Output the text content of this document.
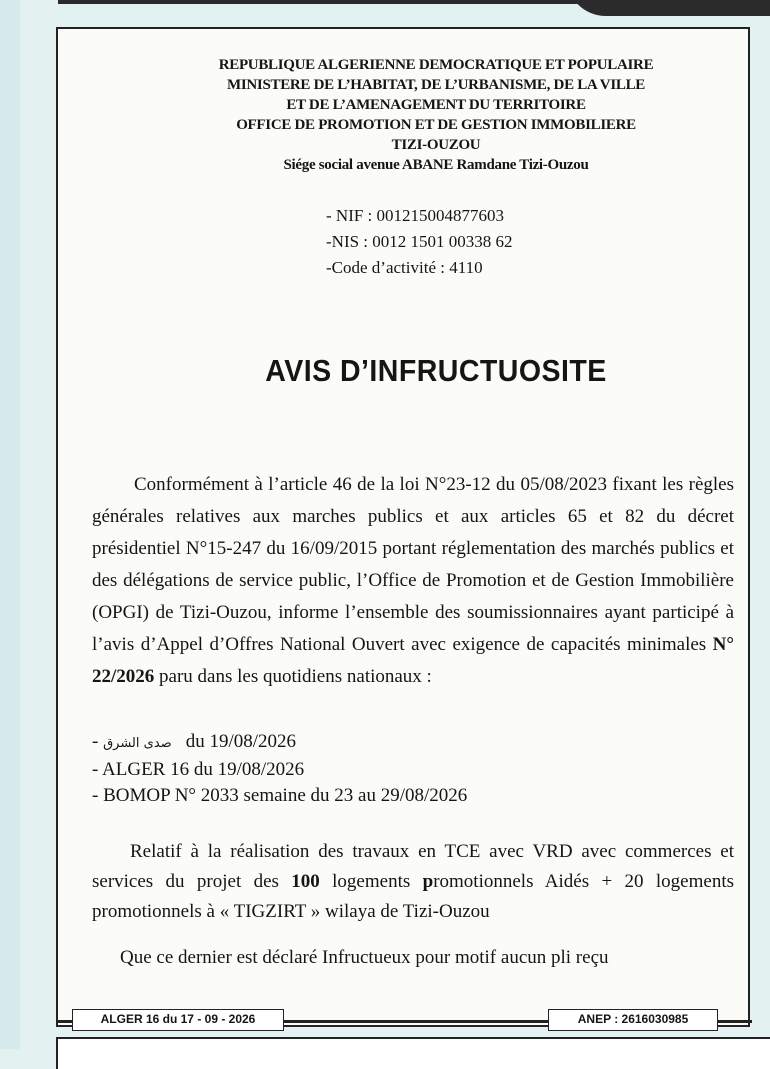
REPUBLIQUE ALGERIENNE DEMOCRATIQUE ET POPULAIRE
MINISTERE DE L’HABITAT, DE L’URBANISME, DE LA VILLE
ET DE L’AMENAGEMENT DU TERRITOIRE
OFFICE DE PROMOTION ET DE GESTION IMMOBILIERE
TIZI-OUZOU
Siége social avenue ABANE Ramdane Tizi-Ouzou
- NIF : 001215004877603
-NIS : 0012 1501 00338 62
-Code d’activité : 4110
AVIS D’INFRUCTUOSITE
Conformément à l’article 46 de la loi N°23-12 du 05/08/2023 fixant les règles générales relatives aux marches publics et aux articles 65 et 82 du décret présidentiel N°15-247 du 16/09/2015 portant réglementation des marchés publics et des délégations de service public, l’Office de Promotion et de Gestion Immobilière (OPGI) de Tizi-Ouzou, informe l’ensemble des soumissionnaires ayant participé à l’avis d’Appel d’Offres National Ouvert avec exigence de capacités minimales N° 22/2026 paru dans les quotidiens nationaux :
- صدى الشرق du 19/08/2026
- ALGER 16 du 19/08/2026
- BOMOP N° 2033 semaine du 23 au 29/08/2026
Relatif à la réalisation des travaux en TCE avec VRD avec commerces et services du projet des 100 logements promotionnels Aidés + 20 logements promotionnels à « TIGZIRT » wilaya de Tizi-Ouzou
Que ce dernier est déclaré Infructueux pour motif aucun pli reçu
ALGER 16 du 17 - 09 - 2026	ANEP : 2616030985
